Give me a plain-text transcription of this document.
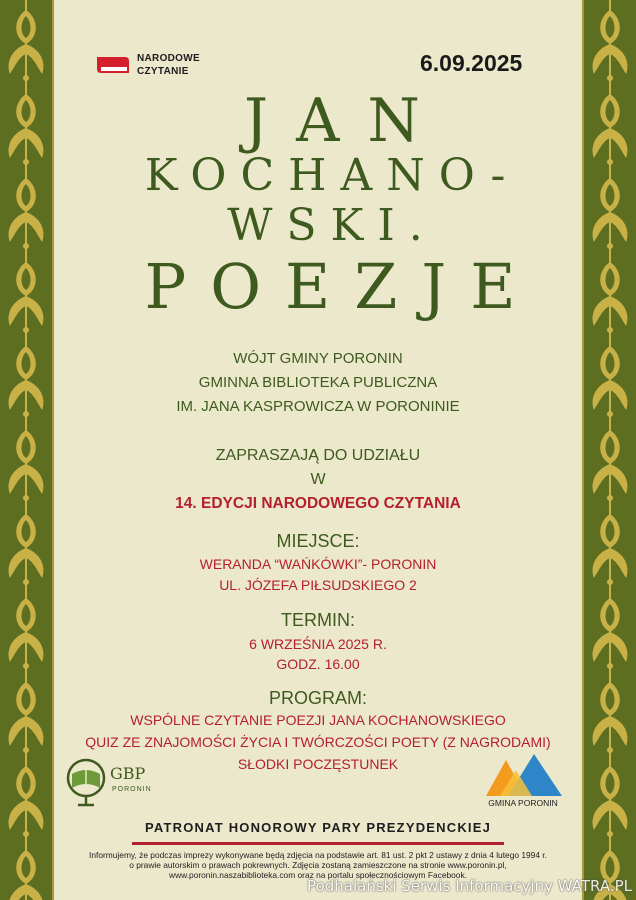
NARODOWE
CZYTANIE	6.09.2025
JAN
KOCHANO-
WSKI.
POEZJE
WÓJT GMINY PORONIN
GMINNA BIBLIOTEKA PUBLICZNA
IM. JANA KASPROWICZA W PORONINIE
ZAPRASZAJĄ DO UDZIAŁU
W
14. EDYCJI NARODOWEGO CZYTANIA
MIEJSCE:
WERANDA “WAŃKÓWKI”- PORONIN
UL. JÓZEFA PIŁSUDSKIEGO 2
TERMIN:
6 WRZEŚNIA 2025 R.
GODZ. 16.00
PROGRAM:
WSPÓLNE CZYTANIE POEZJI JANA KOCHANOWSKIEGO
QUIZ ZE ZNAJOMOŚCI ŻYCIA I TWÓRCZOŚCI POETY (Z NAGRODAMI)
SŁODKI POCZĘSTUNEK
GBP
PORONIN
GMINA PORONIN
PATRONAT HONOROWY PARY PREZYDENCKIEJ
Informujemy, że podczas imprezy wykonywane będą zdjęcia na podstawie art. 81 ust. 2 pkt 2 ustawy z dnia 4 lutego 1994 r.
o prawie autorskim o prawach pokrewnych. Zdjęcia zostaną zamieszczone na stronie www.poronin.pl,
www.poronin.naszabiblioteka.com oraz na portalu społecznościowym Facebook.
Podhalański Serwis Informacyjny WATRA.PL
